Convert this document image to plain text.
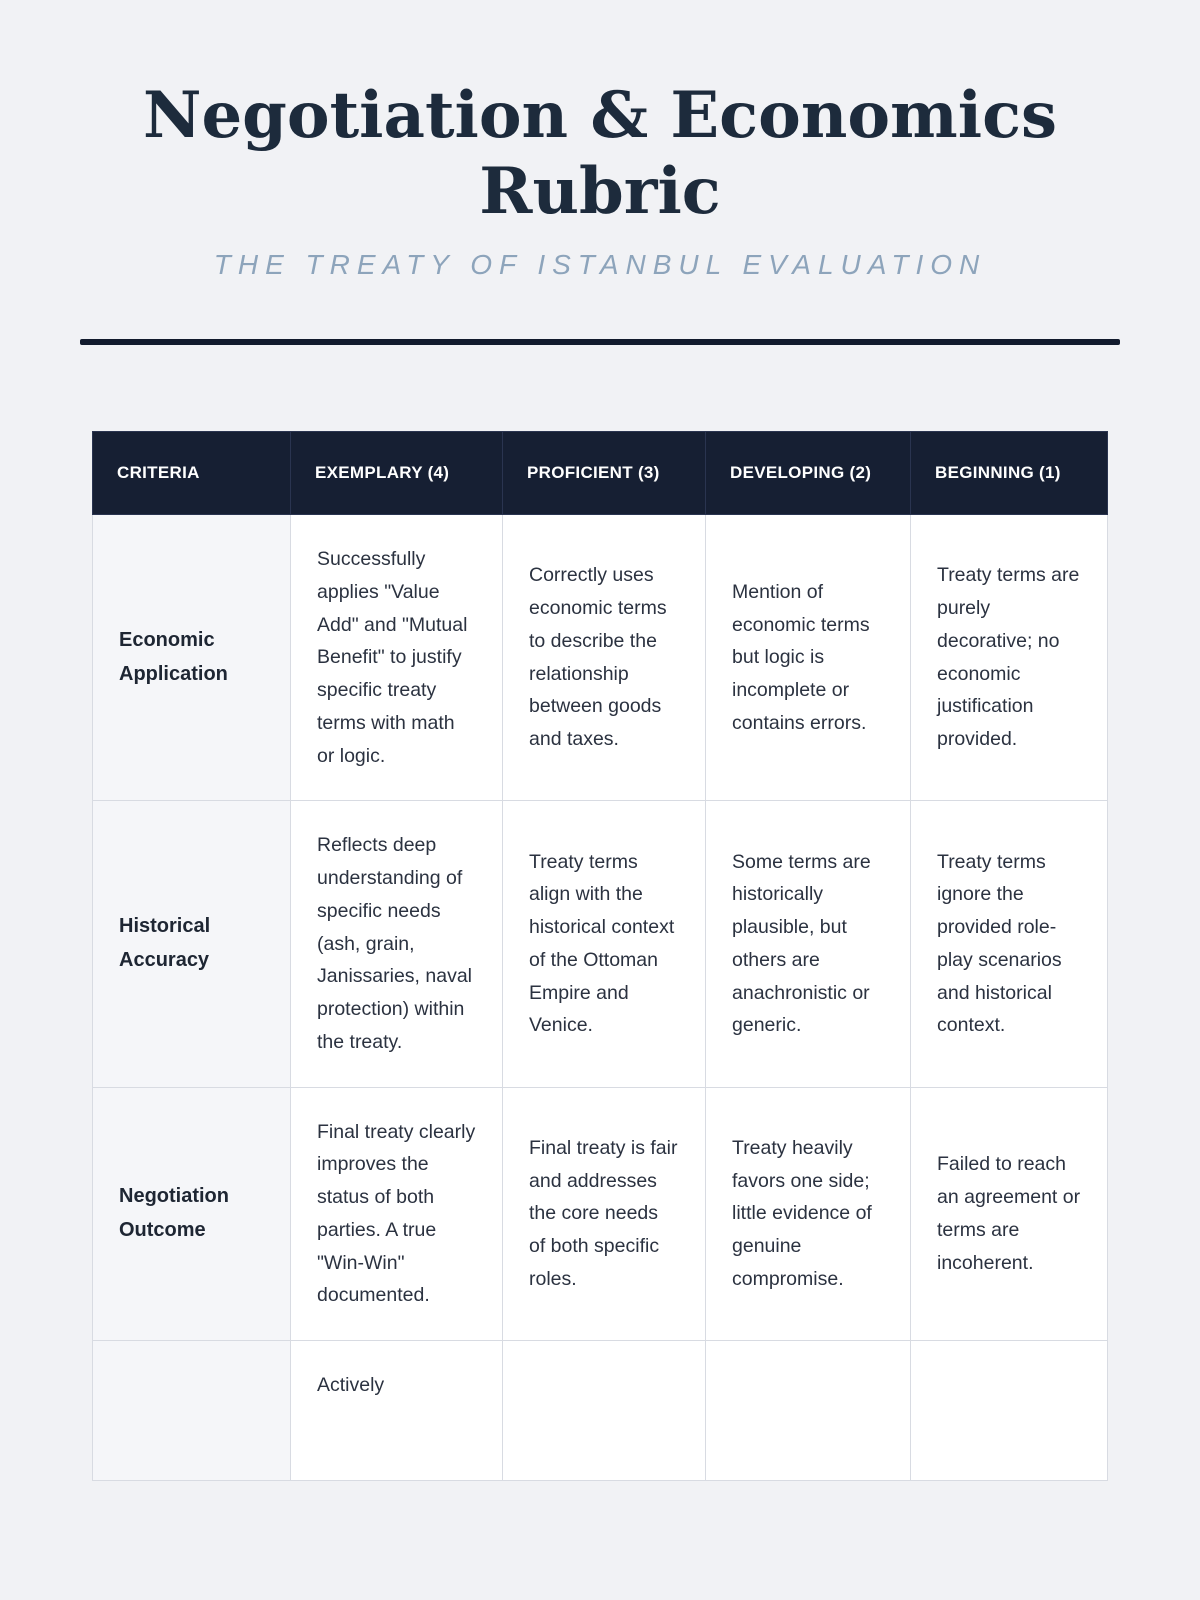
Negotiation & Economics Rubric
THE TREATY OF ISTANBUL EVALUATION
CRITERIA	EXEMPLARY (4)	PROFICIENT (3)	DEVELOPING (2)	BEGINNING (1)
Economic Application	Successfully applies "Value Add" and "Mutual Benefit" to justify specific treaty terms with math or logic.	Correctly uses economic terms to describe the relationship between goods and taxes.	Mention of economic terms but logic is incomplete or contains errors.	Treaty terms are purely decorative; no economic justification provided.
Historical Accuracy	Reflects deep understanding of specific needs (ash, grain, Janissaries, naval protection) within the treaty.	Treaty terms align with the historical context of the Ottoman Empire and Venice.	Some terms are historically plausible, but others are anachronistic or generic.	Treaty terms ignore the provided role-play scenarios and historical context.
Negotiation Outcome	Final treaty clearly improves the status of both parties. A true "Win-Win" documented.	Final treaty is fair and addresses the core needs of both specific roles.	Treaty heavily favors one side; little evidence of genuine compromise.	Failed to reach an agreement or terms are incoherent.
	Actively			
